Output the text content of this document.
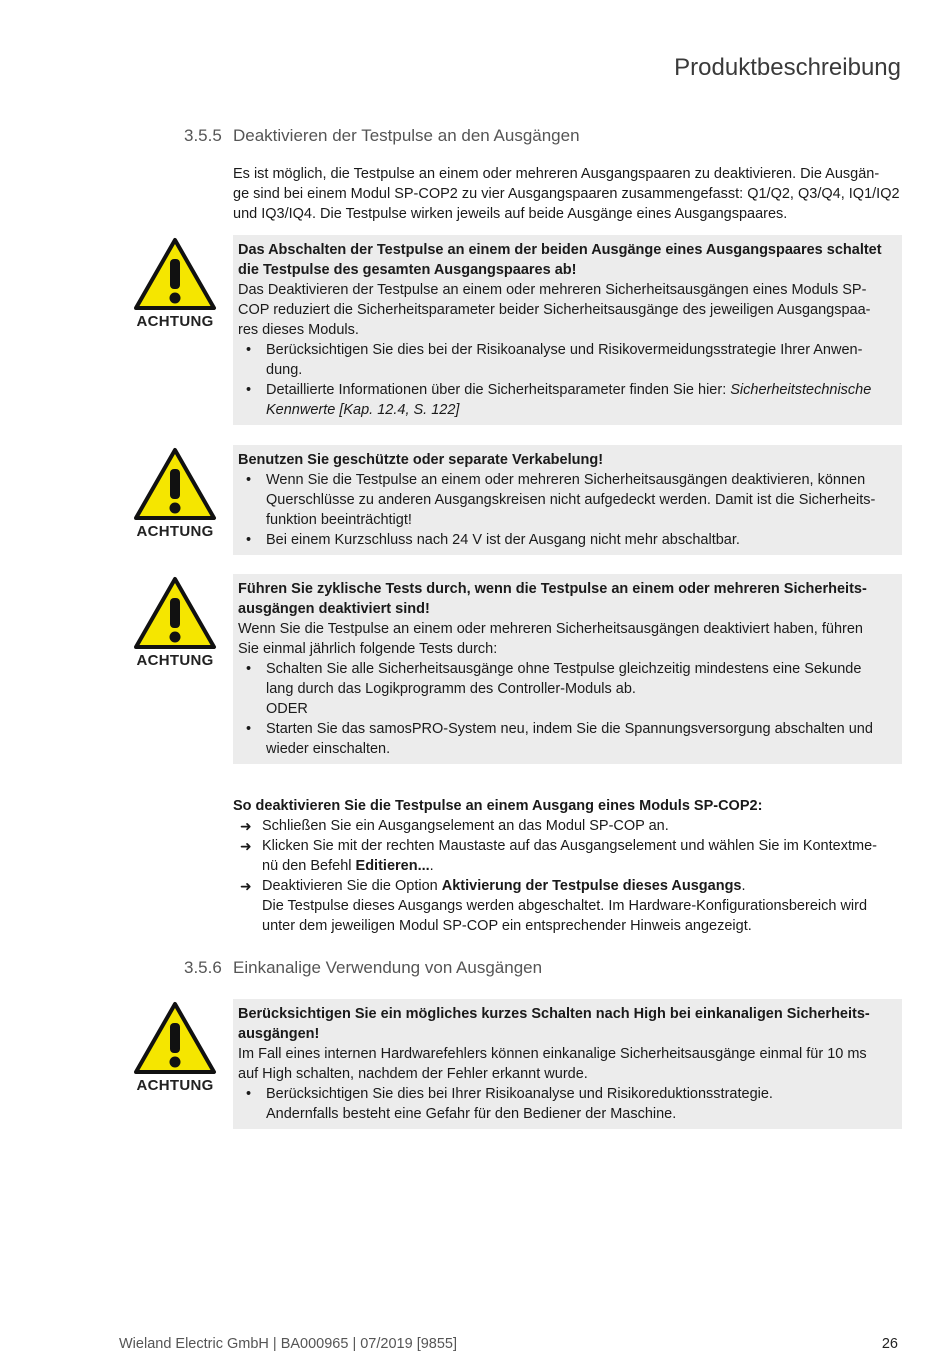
Produktbeschreibung
3.5.5 Deaktivieren der Testpulse an den Ausgängen
Es ist möglich, die Testpulse an einem oder mehreren Ausgangspaaren zu deaktivieren. Die Ausgän-
ge sind bei einem Modul SP-COP2 zu vier Ausgangspaaren zusammengefasst: Q1/Q2, Q3/Q4, IQ1/IQ2
und IQ3/IQ4. Die Testpulse wirken jeweils auf beide Ausgänge eines Ausgangspaares.
ACHTUNG
Das Abschalten der Testpulse an einem der beiden Ausgänge eines Ausgangspaares schaltet
die Testpulse des gesamten Ausgangspaares ab!
Das Deaktivieren der Testpulse an einem oder mehreren Sicherheitsausgängen eines Moduls SP-
COP reduziert die Sicherheitsparameter beider Sicherheitsausgänge des jeweiligen Ausgangspaa-
res dieses Moduls.
• Berücksichtigen Sie dies bei der Risikoanalyse und Risikovermeidungsstrategie Ihrer Anwen-
dung.
• Detaillierte Informationen über die Sicherheitsparameter finden Sie hier: Sicherheitstechnische
Kennwerte [Kap. 12.4, S. 122]
ACHTUNG
Benutzen Sie geschützte oder separate Verkabelung!
• Wenn Sie die Testpulse an einem oder mehreren Sicherheitsausgängen deaktivieren, können
Querschlüsse zu anderen Ausgangskreisen nicht aufgedeckt werden. Damit ist die Sicherheits-
funktion beeinträchtigt!
• Bei einem Kurzschluss nach 24 V ist der Ausgang nicht mehr abschaltbar.
ACHTUNG
Führen Sie zyklische Tests durch, wenn die Testpulse an einem oder mehreren Sicherheits-
ausgängen deaktiviert sind!
Wenn Sie die Testpulse an einem oder mehreren Sicherheitsausgängen deaktiviert haben, führen
Sie einmal jährlich folgende Tests durch:
• Schalten Sie alle Sicherheitsausgänge ohne Testpulse gleichzeitig mindestens eine Sekunde
lang durch das Logikprogramm des Controller-Moduls ab.
ODER
• Starten Sie das samosPRO-System neu, indem Sie die Spannungsversorgung abschalten und
wieder einschalten.
So deaktivieren Sie die Testpulse an einem Ausgang eines Moduls SP-COP2:
➜ Schließen Sie ein Ausgangselement an das Modul SP-COP an.
➜ Klicken Sie mit der rechten Maustaste auf das Ausgangselement und wählen Sie im Kontextme-
nü den Befehl Editieren....
➜ Deaktivieren Sie die Option Aktivierung der Testpulse dieses Ausgangs.
Die Testpulse dieses Ausgangs werden abgeschaltet. Im Hardware-Konfigurationsbereich wird
unter dem jeweiligen Modul SP-COP ein entsprechender Hinweis angezeigt.
3.5.6 Einkanalige Verwendung von Ausgängen
ACHTUNG
Berücksichtigen Sie ein mögliches kurzes Schalten nach High bei einkanaligen Sicherheits-
ausgängen!
Im Fall eines internen Hardwarefehlers können einkanalige Sicherheitsausgänge einmal für 10 ms
auf High schalten, nachdem der Fehler erkannt wurde.
• Berücksichtigen Sie dies bei Ihrer Risikoanalyse und Risikoreduktionsstrategie.
Andernfalls besteht eine Gefahr für den Bediener der Maschine.
Wieland Electric GmbH | BA000965 | 07/2019 [9855]	26
